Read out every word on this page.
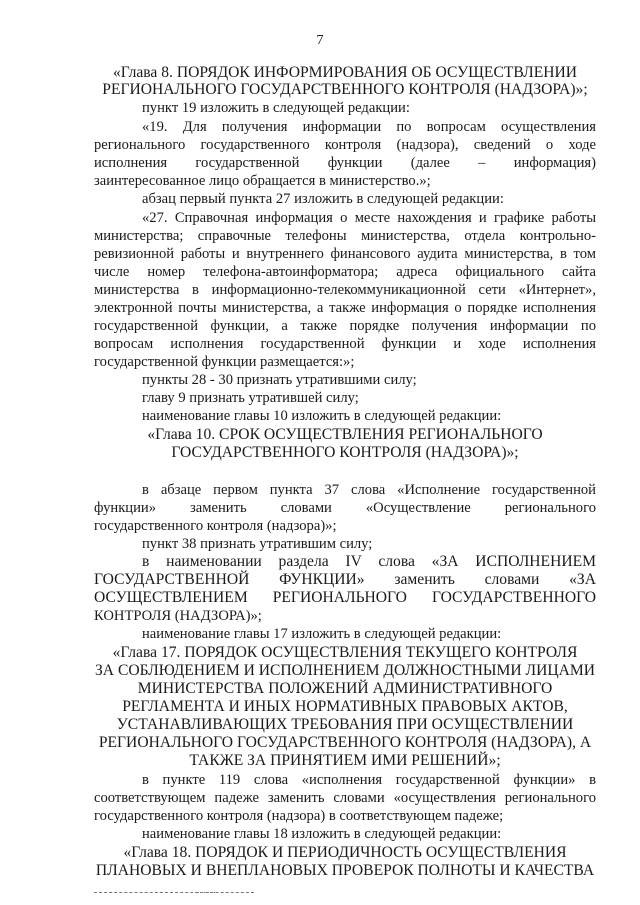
7
«Глава 8. ПОРЯДОК ИНФОРМИРОВАНИЯ ОБ ОСУЩЕСТВЛЕНИИ
РЕГИОНАЛЬНОГО ГОСУДАРСТВЕННОГО КОНТРОЛЯ (НАДЗОРА)»;
пункт 19 изложить в следующей редакции:
«19. Для получения информации по вопросам осуществления
регионального государственного контроля (надзора), сведений о ходе
исполнения государственной функции (далее – информация)
заинтересованное лицо обращается в министерство.»;
абзац первый пункта 27 изложить в следующей редакции:
«27. Справочная информация о месте нахождения и графике работы
министерства; справочные телефоны министерства, отдела контрольно-
ревизионной работы и внутреннего финансового аудита министерства, в том
числе номер телефона-автоинформатора; адреса официального сайта
министерства в информационно-телекоммуникационной сети «Интернет»,
электронной почты министерства, а также информация о порядке исполнения
государственной функции, а также порядке получения информации по
вопросам исполнения государственной функции и ходе исполнения
государственной функции размещается:»;
пункты 28 - 30 признать утратившими силу;
главу 9 признать утратившей силу;
наименование главы 10 изложить в следующей редакции:
«Глава 10. СРОК ОСУЩЕСТВЛЕНИЯ РЕГИОНАЛЬНОГО
ГОСУДАРСТВЕННОГО КОНТРОЛЯ (НАДЗОРА)»;
в абзаце первом пункта 37 слова «Исполнение государственной
функции» заменить словами «Осуществление регионального
государственного контроля (надзора)»;
пункт 38 признать утратившим силу;
в наименовании раздела IV слова «ЗА ИСПОЛНЕНИЕМ
ГОСУДАРСТВЕННОЙ ФУНКЦИИ» заменить словами «ЗА
ОСУЩЕСТВЛЕНИЕМ РЕГИОНАЛЬНОГО ГОСУДАРСТВЕННОГО
КОНТРОЛЯ (НАДЗОРА)»;
наименование главы 17 изложить в следующей редакции:
«Глава 17. ПОРЯДОК ОСУЩЕСТВЛЕНИЯ ТЕКУЩЕГО КОНТРОЛЯ
ЗА СОБЛЮДЕНИЕМ И ИСПОЛНЕНИЕМ ДОЛЖНОСТНЫМИ ЛИЦАМИ
МИНИСТЕРСТВА ПОЛОЖЕНИЙ АДМИНИСТРАТИВНОГО
РЕГЛАМЕНТА И ИНЫХ НОРМАТИВНЫХ ПРАВОВЫХ АКТОВ,
УСТАНАВЛИВАЮЩИХ ТРЕБОВАНИЯ ПРИ ОСУЩЕСТВЛЕНИИ
РЕГИОНАЛЬНОГО ГОСУДАРСТВЕННОГО КОНТРОЛЯ (НАДЗОРА), А
ТАКЖЕ ЗА ПРИНЯТИЕМ ИМИ РЕШЕНИЙ»;
в пункте 119 слова «исполнения государственной функции» в
соответствующем падеже заменить словами «осуществления регионального
государственного контроля (надзора) в соответствующем падеже;
наименование главы 18 изложить в следующей редакции:
«Глава 18. ПОРЯДОК И ПЕРИОДИЧНОСТЬ ОСУЩЕСТВЛЕНИЯ
ПЛАНОВЫХ И ВНЕПЛАНОВЫХ ПРОВЕРОК ПОЛНОТЫ И КАЧЕСТВА
